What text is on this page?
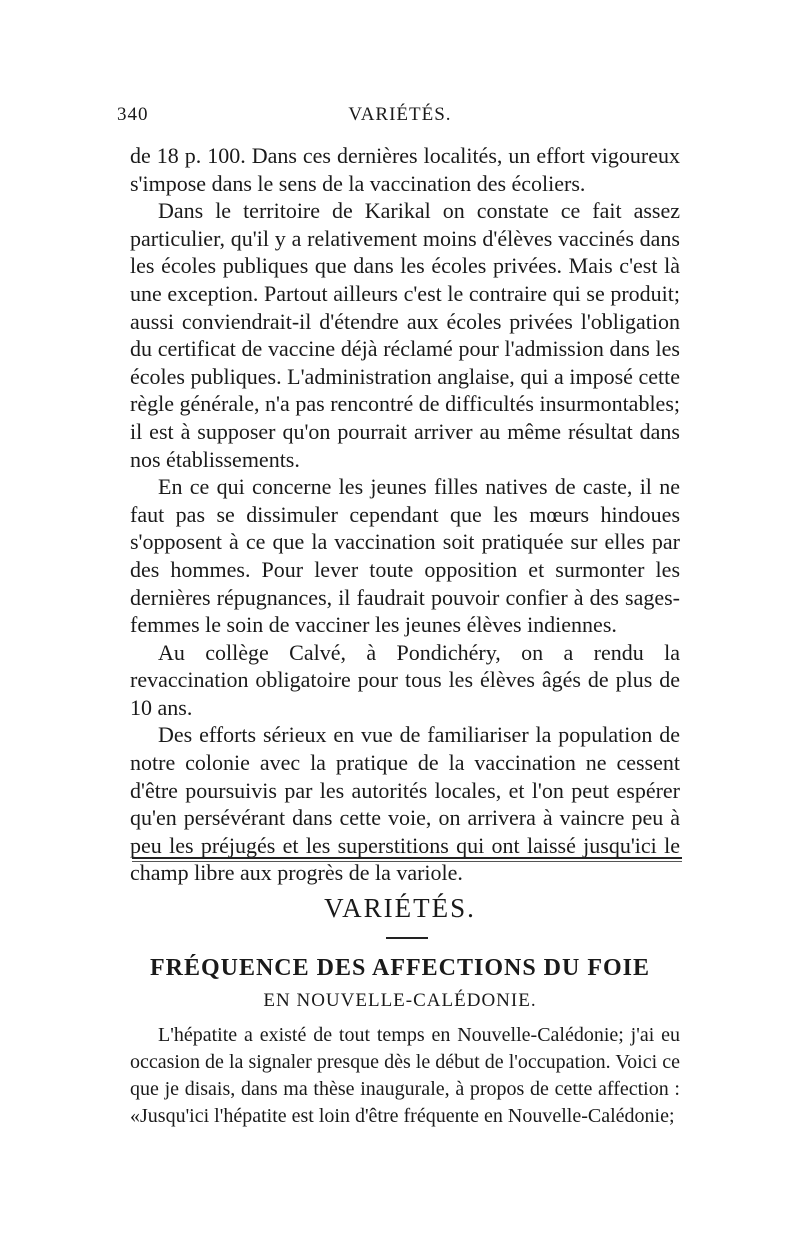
340	VARIÉTÉS.

de 18 p. 100. Dans ces dernières localités, un effort vigoureux s'impose dans le sens de la vaccination des écoliers.

Dans le territoire de Karikal on constate ce fait assez particulier, qu'il y a relativement moins d'élèves vaccinés dans les écoles publiques que dans les écoles privées. Mais c'est là une exception. Partout ailleurs c'est le contraire qui se produit; aussi conviendrait-il d'étendre aux écoles privées l'obligation du certificat de vaccine déjà réclamé pour l'admission dans les écoles publiques. L'administration anglaise, qui a imposé cette règle générale, n'a pas rencontré de difficultés insurmontables; il est à supposer qu'on pourrait arriver au même résultat dans nos établissements.

En ce qui concerne les jeunes filles natives de caste, il ne faut pas se dissimuler cependant que les mœurs hindoues s'opposent à ce que la vaccination soit pratiquée sur elles par des hommes. Pour lever toute opposition et surmonter les dernières répugnances, il faudrait pouvoir confier à des sages-femmes le soin de vacciner les jeunes élèves indiennes.

Au collège Calvé, à Pondichéry, on a rendu la revaccination obligatoire pour tous les élèves âgés de plus de 10 ans.

Des efforts sérieux en vue de familiariser la population de notre colonie avec la pratique de la vaccination ne cessent d'être poursuivis par les autorités locales, et l'on peut espérer qu'en persévérant dans cette voie, on arrivera à vaincre peu à peu les préjugés et les superstitions qui ont laissé jusqu'ici le champ libre aux progrès de la variole.

VARIÉTÉS.
FRÉQUENCE DES AFFECTIONS DU FOIE
EN NOUVELLE-CALÉDONIE.

L'hépatite a existé de tout temps en Nouvelle-Calédonie; j'ai eu occasion de la signaler presque dès le début de l'occupation. Voici ce que je disais, dans ma thèse inaugurale, à propos de cette affection : «Jusqu'ici l'hépatite est loin d'être fréquente en Nouvelle-Calédonie;
